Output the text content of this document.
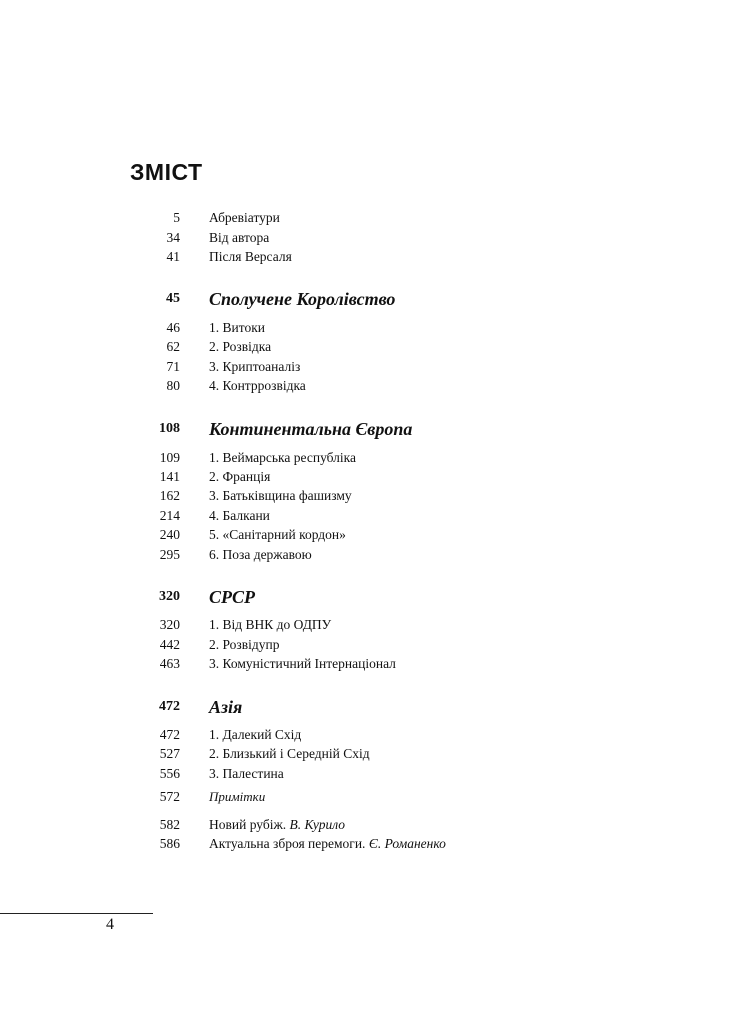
ЗМІСТ
5 Абревіатури
34 Від автора
41 Після Версаля
45 Сполучене Королівство
46 1. Витоки
62 2. Розвідка
71 3. Криптоаналіз
80 4. Контррозвідка
108 Континентальна Європа
109 1. Веймарська республіка
141 2. Франція
162 3. Батьківщина фашизму
214 4. Балкани
240 5. «Санітарний кордон»
295 6. Поза державою
320 СРСР
320 1. Від ВНК до ОДПУ
442 2. Розвідупр
463 3. Комуністичний Інтернаціонал
472 Азія
472 1. Далекий Схід
527 2. Близький і Середній Схід
556 3. Палестина
572 Примітки
582 Новий рубіж. В. Курило
586 Актуальна зброя перемоги. Є. Романенко
4
